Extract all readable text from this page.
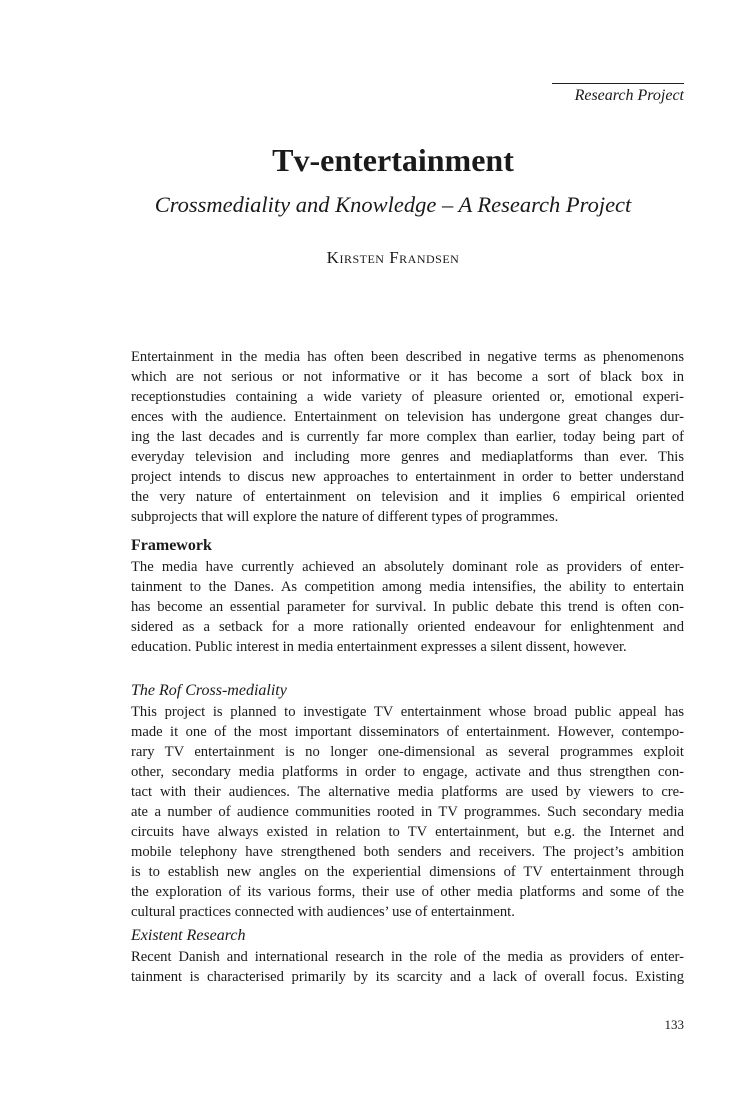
Research Project
Tv-entertainment
Crossmediality and Knowledge – A Research Project
Kirsten Frandsen
Entertainment in the media has often been described in negative terms as phenomenons
which are not serious or not informative or it has become a sort of black box in
receptionstudies containing a wide variety of pleasure oriented or, emotional experi-
ences with the audience. Entertainment on television has undergone great changes dur-
ing the last decades and is currently far more complex than earlier, today being part of
everyday television and including more genres and mediaplatforms than ever. This
project intends to discus new approaches to entertainment in order to better understand
the very nature of entertainment on television and it implies 6 empirical oriented
subprojects that will explore the nature of different types of programmes.
Framework
The media have currently achieved an absolutely dominant role as providers of enter-
tainment to the Danes. As competition among media intensifies, the ability to entertain
has become an essential parameter for survival. In public debate this trend is often con-
sidered as a setback for a more rationally oriented endeavour for enlightenment and
education. Public interest in media entertainment expresses a silent dissent, however.
The Rof Cross-mediality
This project is planned to investigate TV entertainment whose broad public appeal has
made it one of the most important disseminators of entertainment. However, contempo-
rary TV entertainment is no longer one-dimensional as several programmes exploit
other, secondary media platforms in order to engage, activate and thus strengthen con-
tact with their audiences. The alternative media platforms are used by viewers to cre-
ate a number of audience communities rooted in TV programmes. Such secondary media
circuits have always existed in relation to TV entertainment, but e.g. the Internet and
mobile telephony have strengthened both senders and receivers. The project’s ambition
is to establish new angles on the experiential dimensions of TV entertainment through
the exploration of its various forms, their use of other media platforms and some of the
cultural practices connected with audiences’ use of entertainment.
Existent Research
Recent Danish and international research in the role of the media as providers of enter-
tainment is characterised primarily by its scarcity and a lack of overall focus. Existing
133
